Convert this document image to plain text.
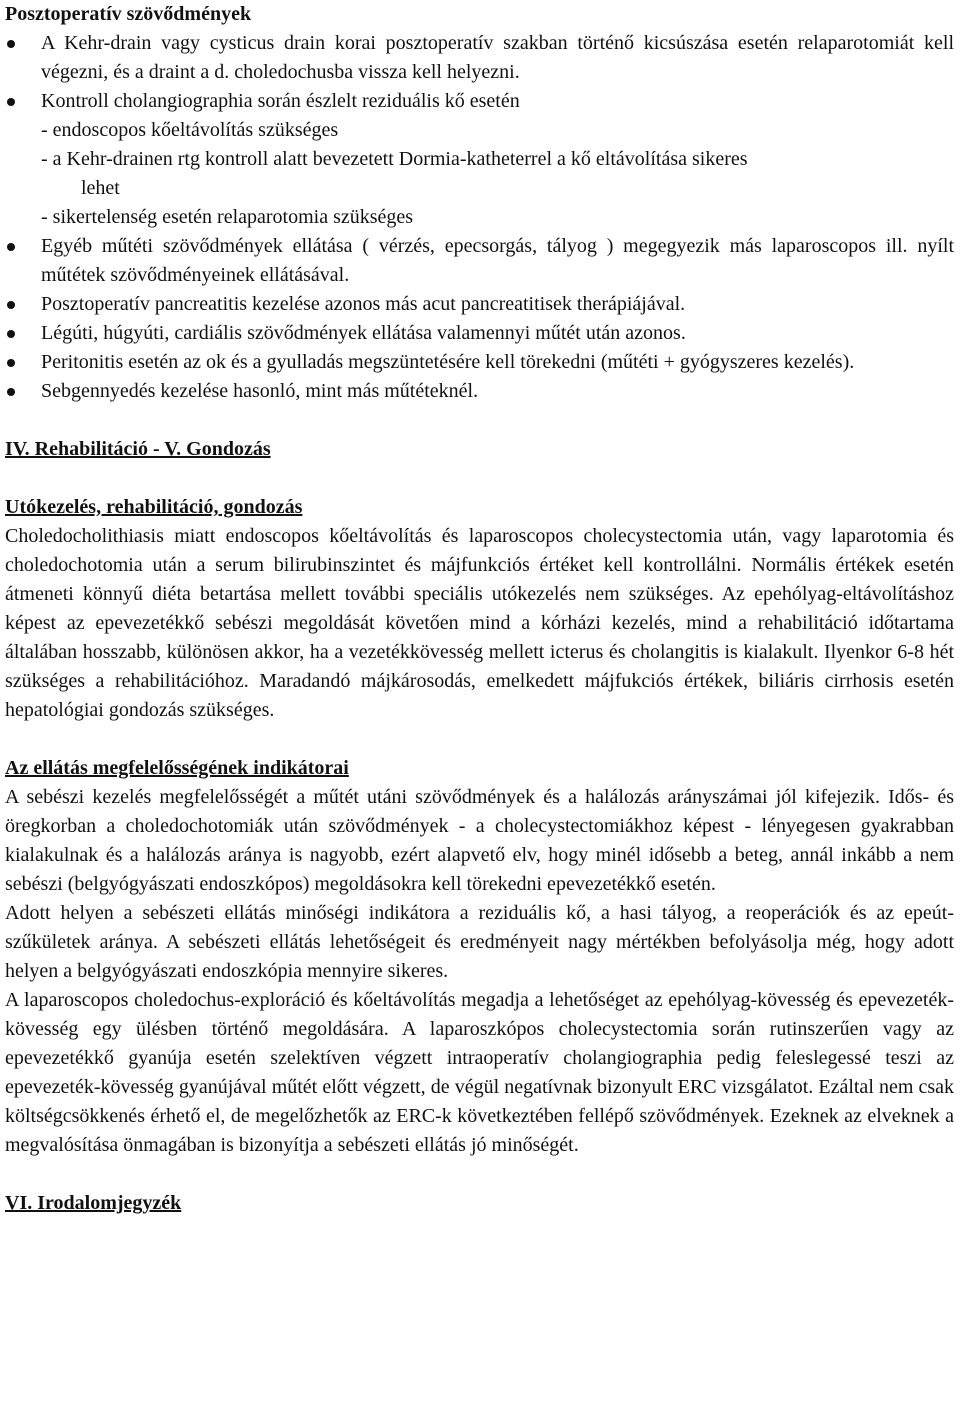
Posztoperatív szövődmények
A Kehr-drain vagy cysticus drain korai posztoperatív szakban történő kicsúszása esetén relaparotomiát kell végezni, és a draint a d. choledochusba vissza kell helyezni.
Kontroll cholangiographia során észlelt reziduális kő esetén
- endoscopos kőeltávolítás szükséges
- a Kehr-drainen rtg kontroll alatt bevezetett Dormia-katheterrel a kő eltávolítása sikeres
lehet
- sikertelenség esetén relaparotomia szükséges
Egyéb műtéti szövődmények ellátása ( vérzés, epecsorgás, tályog ) megegyezik más laparoscopos ill. nyílt műtétek szövődményeinek ellátásával.
Posztoperatív pancreatitis kezelése azonos más acut pancreatitisek therápiájával.
Légúti, húgyúti, cardiális szövődmények ellátása valamennyi műtét után azonos.
Peritonitis esetén az ok és a gyulladás megszüntetésére kell törekedni (műtéti + gyógyszeres kezelés).
Sebgennyedés kezelése hasonló, mint más műtéteknél.
IV. Rehabilitáció - V. Gondozás
Utókezelés, rehabilitáció, gondozás

Choledocholithiasis miatt endoscopos kőeltávolítás és laparoscopos cholecystectomia után, vagy laparotomia és choledochotomia után a serum bilirubinszintet és májfunkciós értéket kell kontrollálni. Normális értékek esetén átmeneti könnyű diéta betartása mellett további speciális utókezelés nem szükséges. Az epehólyag-eltávolításhoz képest az epevezetékkő sebészi megoldását követően mind a kórházi kezelés, mind a rehabilitáció időtartama általában hosszabb, különösen akkor, ha a vezetékkövesség mellett icterus és cholangitis is kialakult. Ilyenkor 6-8 hét szükséges a rehabilitációhoz. Maradandó májkárosodás, emelkedett májfukciós értékek, biliáris cirrhosis esetén hepatológiai gondozás szükséges.

Az ellátás megfelelősségének indikátorai

A sebészi kezelés megfelelősségét a műtét utáni szövődmények és a halálozás arányszámai jól kifejezik. Idős- és öregkorban a choledochotomiák után szövődmények - a cholecystectomiákhoz képest - lényegesen gyakrabban kialakulnak és a halálozás aránya is nagyobb, ezért alapvető elv, hogy minél idősebb a beteg, annál inkább a nem sebészi (belgyógyászati endoszkópos) megoldásokra kell törekedni epevezetékkő esetén.

Adott helyen a sebészeti ellátás minőségi indikátora a reziduális kő, a hasi tályog, a reoperációk és az epeút-szűkületek aránya. A sebészeti ellátás lehetőségeit és eredményeit nagy mértékben befolyásolja még, hogy adott helyen a belgyógyászati endoszkópia mennyire sikeres.

A laparoscopos choledochus-exploráció és kőeltávolítás megadja a lehetőséget az epehólyag-kövesség és epevezeték-kövesség egy ülésben történő megoldására. A laparoszkópos cholecystectomia során rutinszerűen vagy az epevezetékkő gyanúja esetén szelektíven végzett intraoperatív cholangiographia pedig feleslegessé teszi az epevezeték-kövesség gyanújával műtét előtt végzett, de végül negatívnak bizonyult ERC vizsgálatot. Ezáltal nem csak költségcsökkenés érhető el, de megelőzhetők az ERC-k következtében fellépő szövődmények. Ezeknek az elveknek a megvalósítása önmagában is bizonyítja a sebészeti ellátás jó minőségét.

VI. Irodalomjegyzék
